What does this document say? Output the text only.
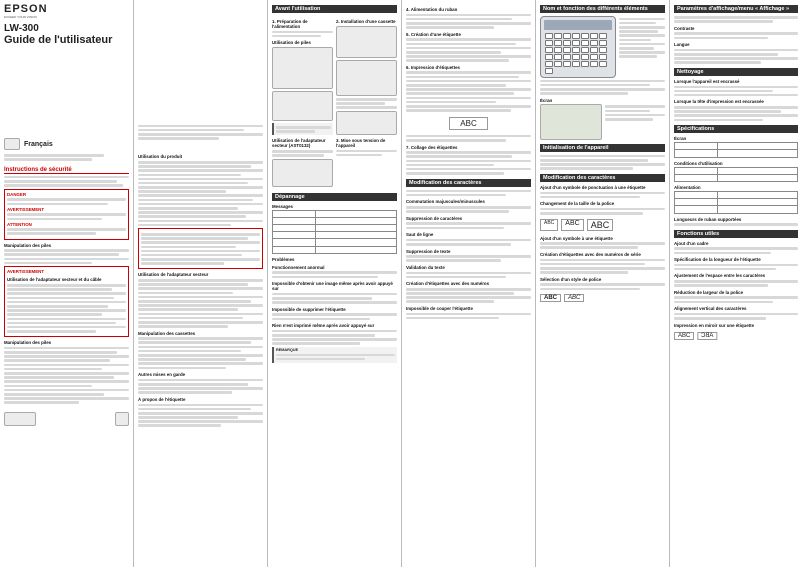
EPSON
EXCEED YOUR VISION
LW-300
Guide de l'utilisateur
Français
Instructions de sécurité
DANGER
AVERTISSEMENT
ATTENTION
Manipulation des piles
AVERTISSEMENT
Utilisation de l'adaptateur secteur et du câble
Manipulation des piles
Utilisation du produit
Utilisation de l'adaptateur secteur
Manipulation des cassettes
Autres mises en garde
À propos de l'étiquette
Avant l'utilisation
1. Préparation de l'alimentation
Utilisation de piles
Utilisation de l'adaptateur secteur (AST0132)
2. Installation d'une cassette
3. Mise sous tension de l'appareil
Dépannage
Messages

Problèmes
Fonctionnement anormal
Impossible d'obtenir une image même après avoir appuyé sur
Impossible de supprimer l'étiquette
Rien n'est imprimé même après avoir appuyé sur
REMARQUE
4. Alimentation du ruban
5. Création d'une étiquette
6. Impression d'étiquettes
ABC
7. Collage des étiquettes
Modification des caractères
Commutation majuscules/minuscules
Suppression de caractères
Saut de ligne
Suppression de texte
Validation du texte
Création d'étiquettes avec des numéros
Impossible de couper l'étiquette
Nom et fonction des différents éléments

Écran
Initialisation de l'appareil
Modification des caractères
Ajout d'un symbole de ponctuation à une étiquette
Changement de la taille de la police
ABC	ABC	ABC
Ajout d'un symbole à une étiquette
Création d'étiquettes avec des numéros de série
Sélection d'un style de police
ABC	ABC
Paramètres d'affichage/menu « Affichage »
Contraste
Langue
Nettoyage
Lorsque l'appareil est encrassé
Lorsque la tête d'impression est encrassée
Spécifications
Écran

Conditions d'utilisation

Alimentation

Longueurs de ruban supportées
Fonctions utiles
Ajout d'un cadre
Spécification de la longueur de l'étiquette
Ajustement de l'espace entre les caractères
Réduction de largeur de la police
Alignement vertical des caractères
Impression en miroir sur une étiquette
ABC	ABC
